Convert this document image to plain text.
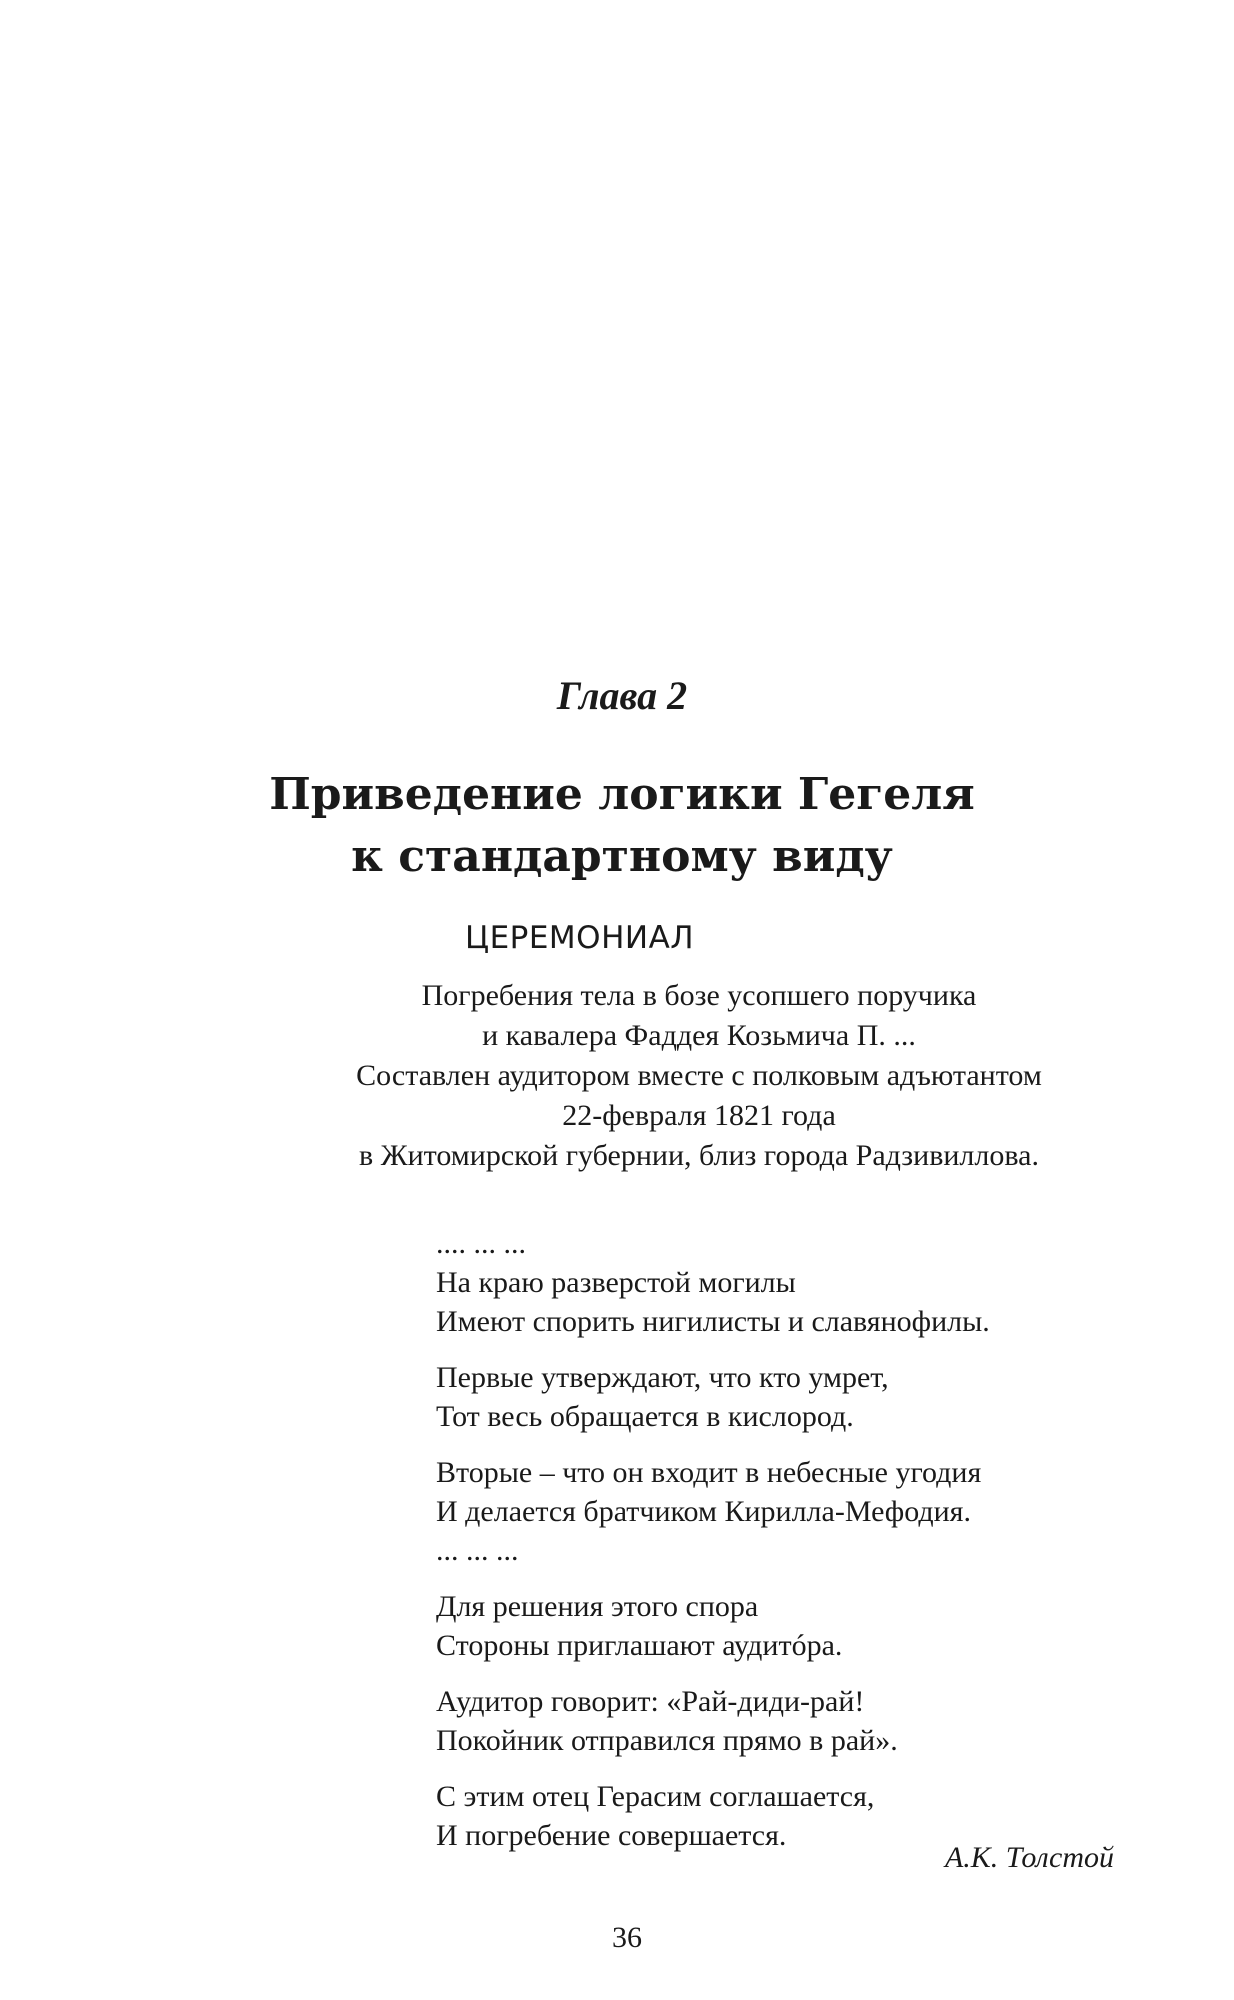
Глава 2
Приведение логики Гегеля
к стандартному виду
ЦЕРЕМОНИАЛ
Погребения тела в бозе усопшего поручика
и кавалера Фаддея Козьмича П. ...
Составлен аудитором вместе с полковым адъютантом
22-февраля 1821 года
в Житомирской губернии, близ города Радзивиллова.
.... ... ...
На краю разверстой могилы
Имеют спорить нигилисты и славянофилы.
Первые утверждают, что кто умрет,
Тот весь обращается в кислород.
Вторые – что он входит в небесные угодия
И делается братчиком Кирилла-Мефодия.
... ... ...
Для решения этого спора
Стороны приглашают аудитóра.
Аудитор говорит: «Рай-диди-рай!
Покойник отправился прямо в рай».
С этим отец Герасим соглашается,
И погребение совершается.
А.К. Толстой
36
